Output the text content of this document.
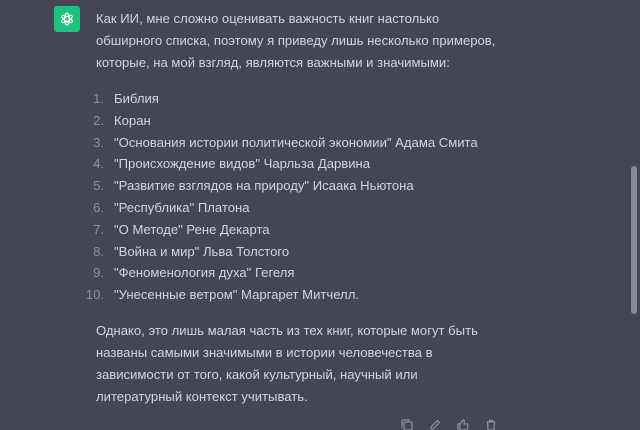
Как ИИ, мне сложно оценивать важность книг настолько обширного списка, поэтому я приведу лишь несколько примеров, которые, на мой взгляд, являются важными и значимыми:

1. Библия
2. Коран
3. "Основания истории политической экономии" Адама Смита
4. "Происхождение видов" Чарльза Дарвина
5. "Развитие взглядов на природу" Исаака Ньютона
6. "Республика" Платона
7. "О Методе" Рене Декарта
8. "Война и мир" Льва Толстого
9. "Феноменология духа" Гегеля
10. "Унесенные ветром" Маргарет Митчелл.

Однако, это лишь малая часть из тех книг, которые могут быть названы самыми значимыми в истории человечества в зависимости от того, какой культурный, научный или литературный контекст учитывать.
